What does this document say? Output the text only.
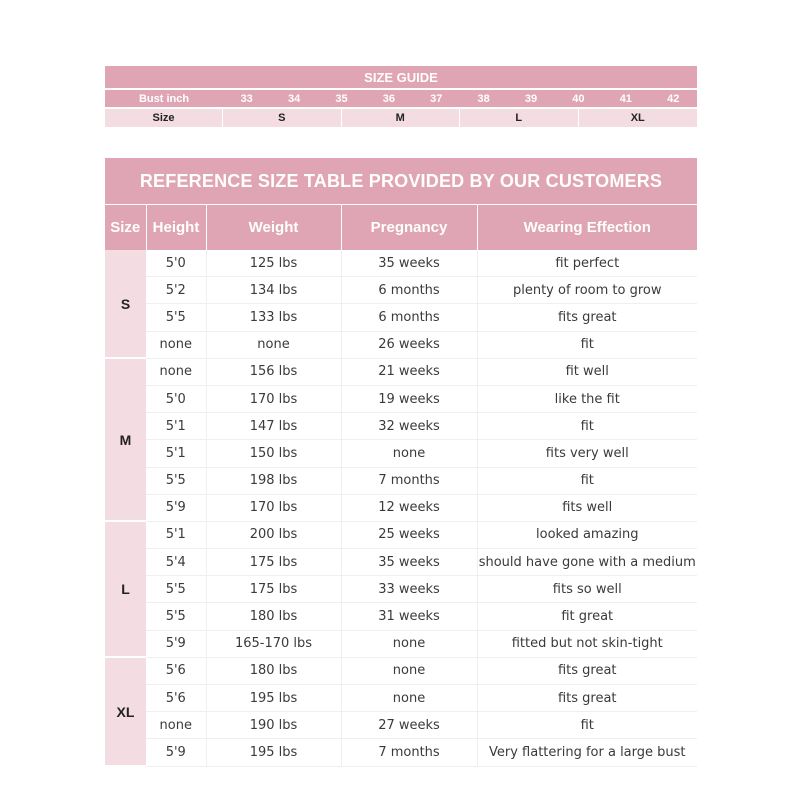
SIZE GUIDE
Bust inch	33	34	35	36	37	38	39	40	41	42
Size	S	M	L	XL
REFERENCE SIZE TABLE PROVIDED BY OUR CUSTOMERS
Size	Height	Weight	Pregnancy	Wearing Effection
S	5'0	125 lbs	35 weeks	fit perfect
	5'2	134 lbs	6 months	plenty of room to grow
	5'5	133 lbs	6 months	fits great
	none	none	26 weeks	fit
M	none	156 lbs	21 weeks	fit well
	5'0	170 lbs	19 weeks	like the fit
	5'1	147 lbs	32 weeks	fit
	5'1	150 lbs	none	fits very well
	5'5	198 lbs	7 months	fit
	5'9	170 lbs	12 weeks	fits well
L	5'1	200 lbs	25 weeks	looked amazing
	5'4	175 lbs	35 weeks	should have gone with a medium
	5'5	175 lbs	33 weeks	fits so well
	5'5	180 lbs	31 weeks	fit great
	5'9	165-170 lbs	none	fitted but not skin-tight
XL	5'6	180 lbs	none	fits great
	5'6	195 lbs	none	fits great
	none	190 lbs	27 weeks	fit
	5'9	195 lbs	7 months	Very flattering for a large bust
